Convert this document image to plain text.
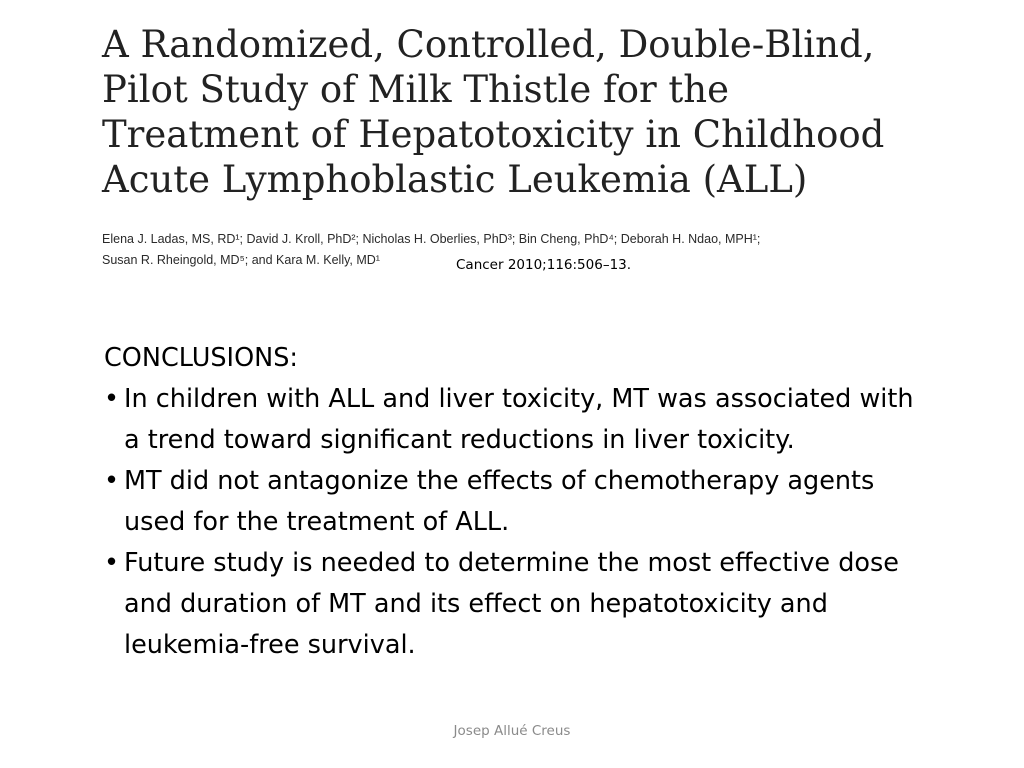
A Randomized, Controlled, Double-Blind,
Pilot Study of Milk Thistle for the
Treatment of Hepatotoxicity in Childhood
Acute Lymphoblastic Leukemia (ALL)

Elena J. Ladas, MS, RD¹; David J. Kroll, PhD²; Nicholas H. Oberlies, PhD³; Bin Cheng, PhD⁴; Deborah H. Ndao, MPH¹;
Susan R. Rheingold, MD⁵; and Kara M. Kelly, MD¹	Cancer 2010;116:506–13.
CONCLUSIONS:
• In children with ALL and liver toxicity, MT was associated with a trend toward significant reductions in liver toxicity.
• MT did not antagonize the effects of chemotherapy agents used for the treatment of ALL.
• Future study is needed to determine the most effective dose and duration of MT and its effect on hepatotoxicity and leukemia-free survival.
Josep Allué Creus
